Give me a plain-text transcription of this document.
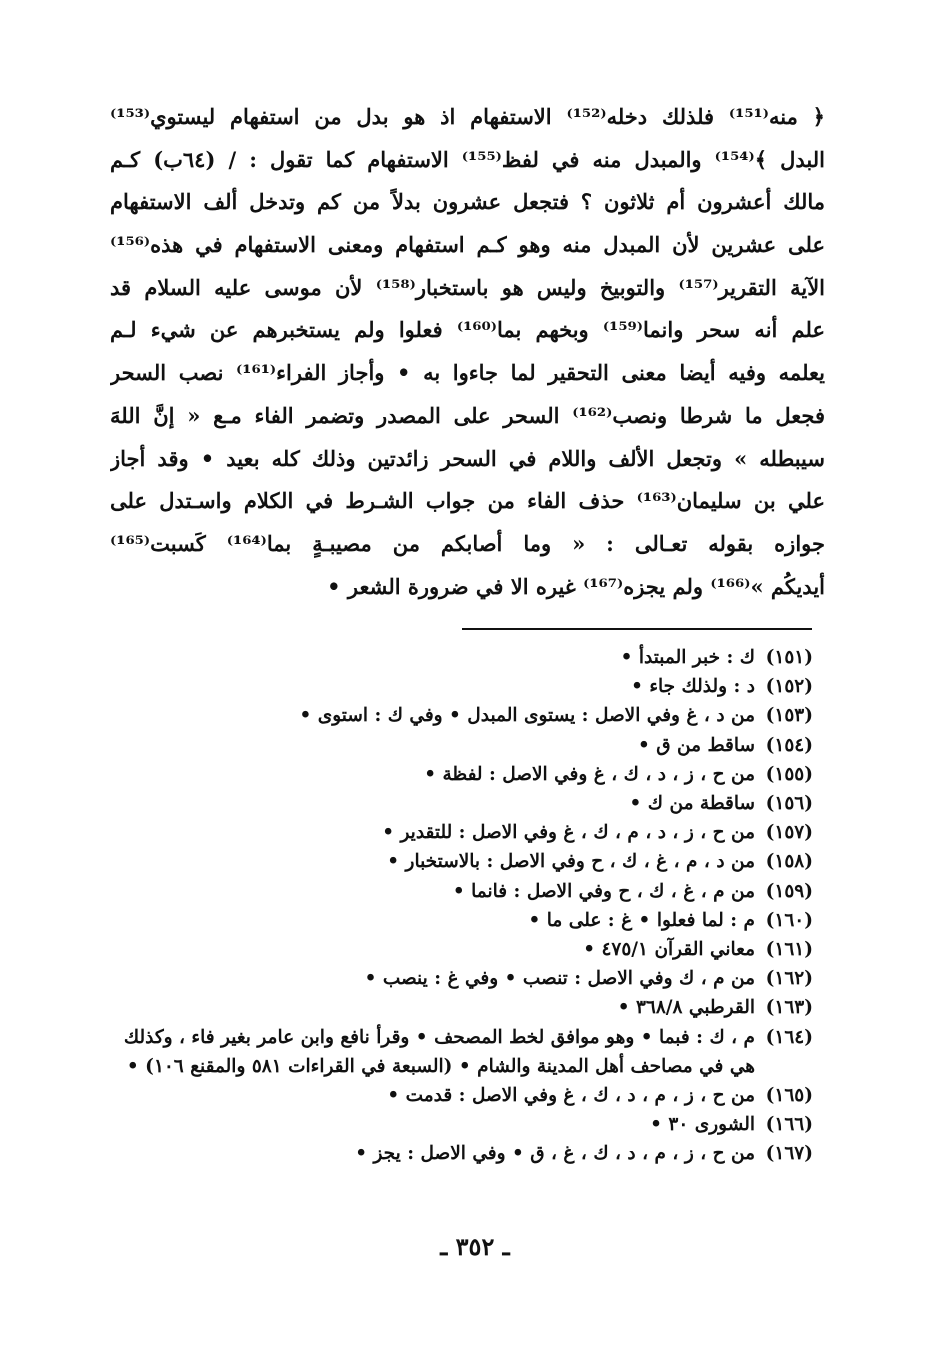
﴿ منه⁽¹⁵¹⁾ فلذلك دخله⁽¹⁵²⁾ الاستفهام اذ هو بدل من استفهام ليستوي⁽¹⁵³⁾
البدل ﴾⁽¹⁵⁴⁾ والمبدل منه في لفظ⁽¹⁵⁵⁾ الاستفهام كما تقول : / (٦٤ب) كـم
مالك أعشرون أم ثلاثون ؟ فتجعل عشرون بدلاً من كم وتدخل ألف الاستفهام
على عشرين لأن المبدل منه وهو كـم استفهام ومعنى الاستفهام في هذه⁽¹⁵⁶⁾
الآية التقرير⁽¹⁵⁷⁾ والتوبيخ وليس هو باستخبار⁽¹⁵⁸⁾ لأن موسى عليه السلام قد
علم أنه سحر وانما⁽¹⁵⁹⁾ وبخهم بما⁽¹⁶⁰⁾ فعلوا ولم يستخبرهم عن شيء لـم
يعلمه وفيه أيضا معنى التحقير لما جاءوا به • وأجاز الفراء⁽¹⁶¹⁾ نصب السحر
فجعل ما شرطا ونصب⁽¹⁶²⁾ السحر على المصدر وتضمر الفاء مـع « إنَّ اللهَ
سيبطله » وتجعل الألف واللام في السحر زائدتين وذلك كله بعيد • وقد أجاز
علي بن سليمان⁽¹⁶³⁾ حذف الفاء من جواب الشـرط في الكلام واسـتدل على
جوازه بقوله تعـالى : « وما أصابكم من مصيبـةٍ بما⁽¹⁶⁴⁾ كَسبت⁽¹⁶⁵⁾
أيديكُم »⁽¹⁶⁶⁾ ولم يجزه⁽¹⁶⁷⁾ غيره الا في ضرورة الشعر •
(١٥١)
ك : خبر المبتدأ •
(١٥٢)
د : ولذلك جاء •
(١٥٣)
من د ، غ وفي الاصل : يستوى المبدل • وفي ك : استوى •
(١٥٤)
ساقط من ق •
(١٥٥)
من ح ، ز ، د ، ك ، غ وفي الاصل : لفظة •
(١٥٦)
ساقطة من ك •
(١٥٧)
من ح ، ز ، د ، م ، ك ، غ وفي الاصل : للتقدير •
(١٥٨)
من د ، م ، غ ، ك ، ح وفي الاصل : بالاستخبار •
(١٥٩)
من م ، غ ، ك ، ح وفي الاصل : فانما •
(١٦٠)
م : لما فعلوا • غ : على ما •
(١٦١)
معاني القرآن ٤٧٥/١ •
(١٦٢)
من م ، ك وفي الاصل : تنصب • وفي غ : ينصب •
(١٦٣)
القرطبي ٣٦٨/٨ •
(١٦٤)
م ، ك : فبما • وهو موافق لخط المصحف • وقرأ نافع وابن عامر بغير فاء ، وكذلك هي في مصاحف أهل المدينة والشام • (السبعة في القراءات ٥٨١ والمقنع ١٠٦) •
(١٦٥)
من ح ، ز ، م ، د ، ك ، غ وفي الاصل : قدمت •
(١٦٦)
الشورى ٣٠ •
(١٦٧)
من ح ، ز ، م ، د ، ك ، غ ، ق • وفي الاصل : يجز •
ـ ٣٥٢ ـ
